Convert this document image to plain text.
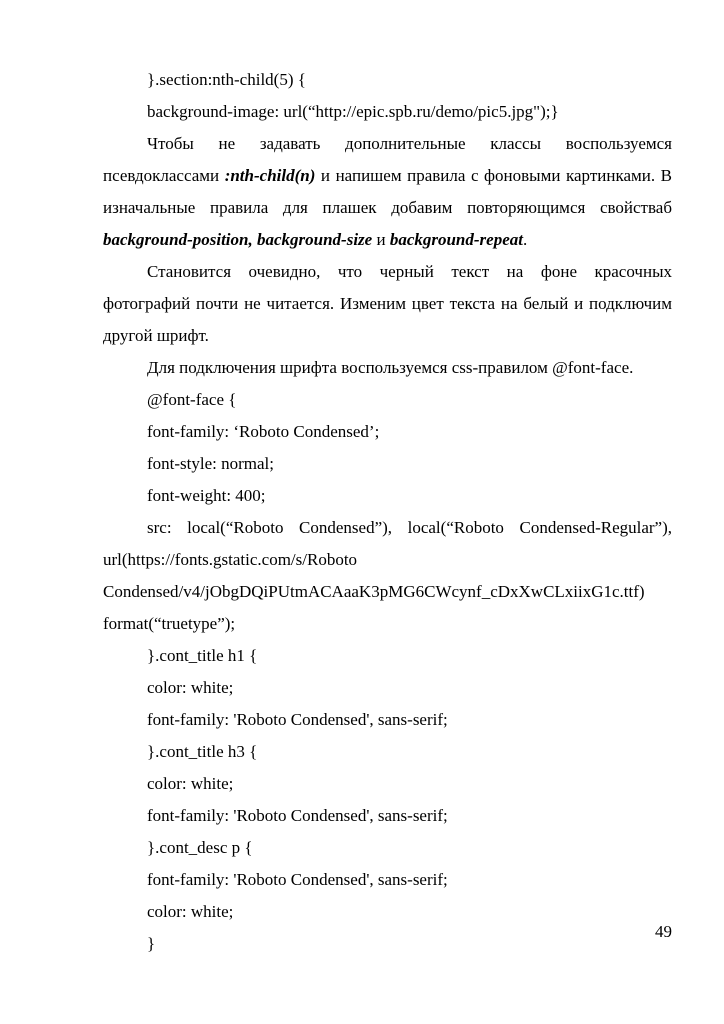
}.section:nth-child(5) {
background-image: url(“http://epic.spb.ru/demo/pic5.jpg");}
Чтобы не задавать дополнительные классы воспользуемся
псевдоклассами :nth-child(n) и напишем правила с фоновыми картинками. В
изначальные правила для плашек добавим повторяющимся свойстваб
background-position, background-size и background-repeat.
Становится очевидно, что черный текст на фоне красочных
фотографий почти не читается. Изменим цвет текста на белый и подключим
другой шрифт.
Для подключения шрифта воспользуемся css-правилом @font-face.
@font-face {
font-family: ‘Roboto Condensed’;
font-style: normal;
font-weight: 400;
src: local(“Roboto Condensed”), local(“Roboto Condensed-Regular”),
url(https://fonts.gstatic.com/s/Roboto
Condensed/v4/jObgDQiPUtmACAaaK3pMG6CWcynf_cDxXwCLxiixG1c.ttf)
format(“truetype”);
}.cont_title h1 {
color: white;
font-family: 'Roboto Condensed', sans-serif;
}.cont_title h3 {
color: white;
font-family: 'Roboto Condensed', sans-serif;
}.cont_desc p {
font-family: 'Roboto Condensed', sans-serif;
color: white;
}
49
